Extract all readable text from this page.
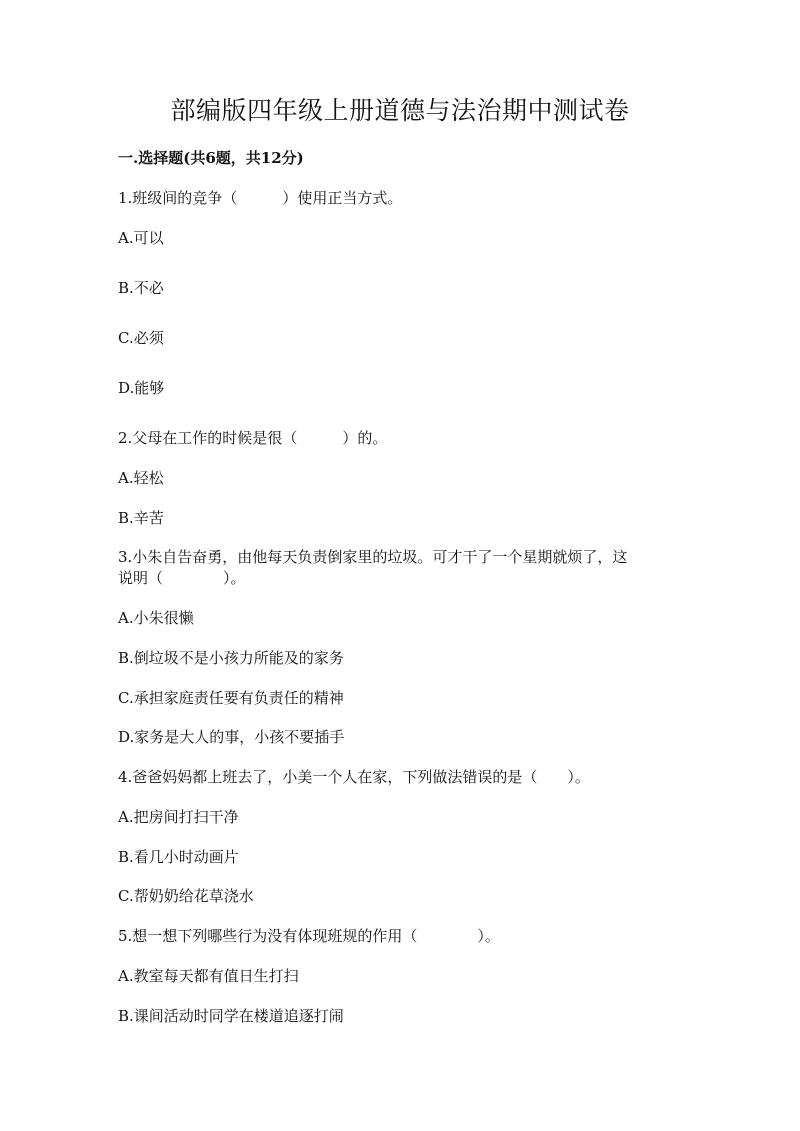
部编版四年级上册道德与法治期中测试卷
一.选择题(共6题，共12分)
1.班级间的竞争（　　　）使用正当方式。
A.可以
B.不必
C.必须
D.能够
2.父母在工作的时候是很（　　　）的。
A.轻松
B.辛苦
3.小朱自告奋勇，由他每天负责倒家里的垃圾。可才干了一个星期就烦了，这
说明（　　　　）。
A.小朱很懒
B.倒垃圾不是小孩力所能及的家务
C.承担家庭责任要有负责任的精神
D.家务是大人的事，小孩不要插手
4.爸爸妈妈都上班去了，小美一个人在家，下列做法错误的是（　　）。
A.把房间打扫干净
B.看几小时动画片
C.帮奶奶给花草浇水
5.想一想下列哪些行为没有体现班规的作用（　　　　）。
A.教室每天都有值日生打扫
B.课间活动时同学在楼道追逐打闹
